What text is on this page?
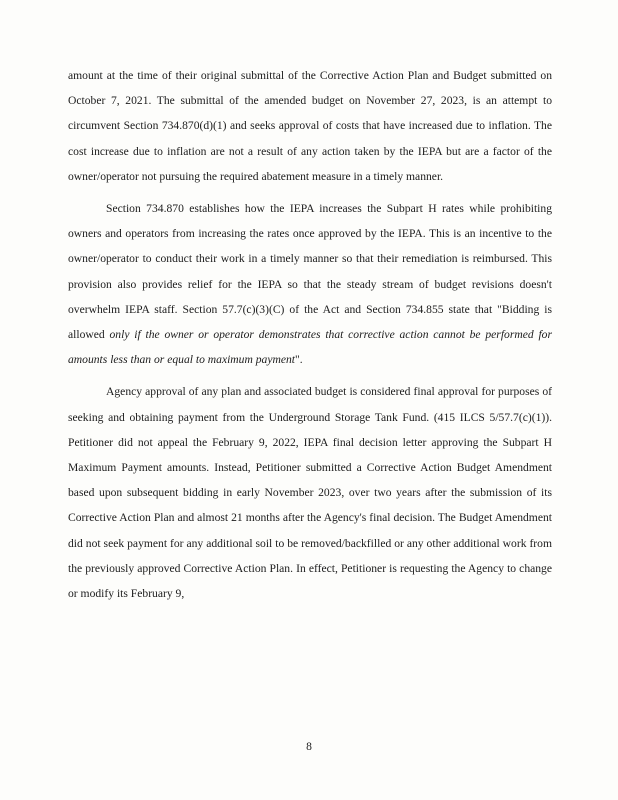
amount at the time of their original submittal of the Corrective Action Plan and Budget submitted on October 7, 2021. The submittal of the amended budget on November 27, 2023, is an attempt to circumvent Section 734.870(d)(1) and seeks approval of costs that have increased due to inflation. The cost increase due to inflation are not a result of any action taken by the IEPA but are a factor of the owner/operator not pursuing the required abatement measure in a timely manner.

Section 734.870 establishes how the IEPA increases the Subpart H rates while prohibiting owners and operators from increasing the rates once approved by the IEPA. This is an incentive to the owner/operator to conduct their work in a timely manner so that their remediation is reimbursed. This provision also provides relief for the IEPA so that the steady stream of budget revisions doesn't overwhelm IEPA staff. Section 57.7(c)(3)(C) of the Act and Section 734.855 state that "Bidding is allowed only if the owner or operator demonstrates that corrective action cannot be performed for amounts less than or equal to maximum payment".

Agency approval of any plan and associated budget is considered final approval for purposes of seeking and obtaining payment from the Underground Storage Tank Fund. (415 ILCS 5/57.7(c)(1)). Petitioner did not appeal the February 9, 2022, IEPA final decision letter approving the Subpart H Maximum Payment amounts. Instead, Petitioner submitted a Corrective Action Budget Amendment based upon subsequent bidding in early November 2023, over two years after the submission of its Corrective Action Plan and almost 21 months after the Agency's final decision. The Budget Amendment did not seek payment for any additional soil to be removed/backfilled or any other additional work from the previously approved Corrective Action Plan. In effect, Petitioner is requesting the Agency to change or modify its February 9,

8
